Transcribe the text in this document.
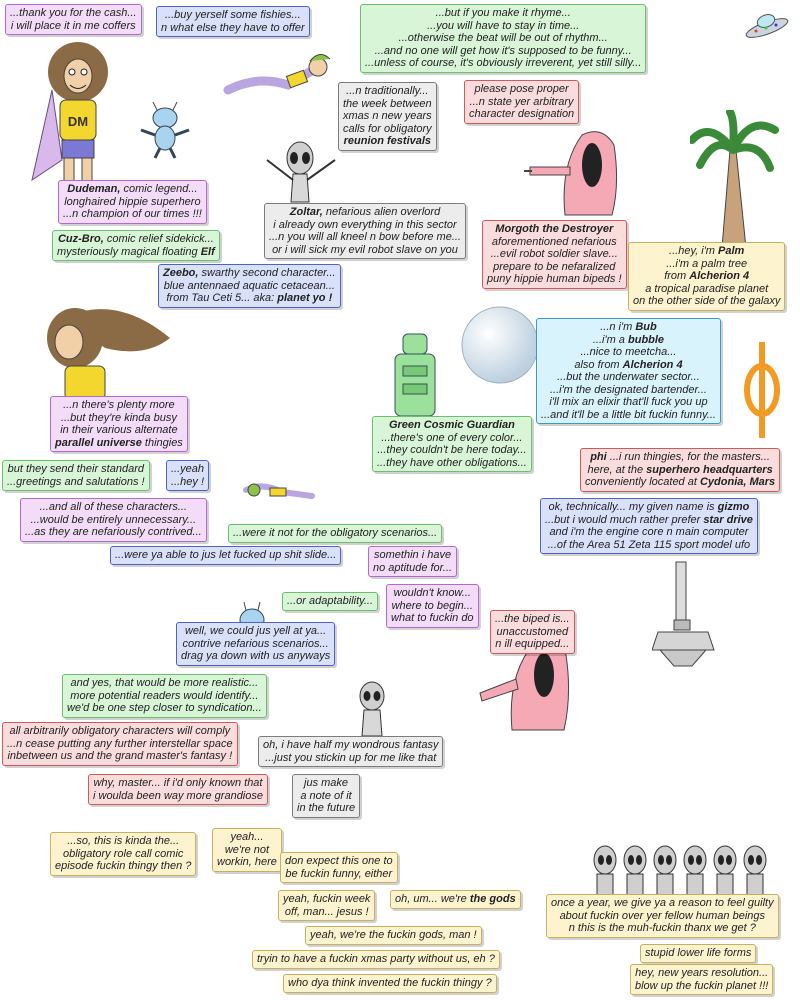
DM
...thank you for the cash...
i will place it in me coffers
...buy yerself some fishies...
n what else they have to offer
...but if you make it rhyme...
...you will have to stay in time...
...otherwise the beat will be out of rhythm...
...and no one will get how it's supposed to be funny...
...unless of course, it's obviously irreverent, yet still silly...
...n traditionally...
the week between
xmas n new years
calls for obligatory
reunion festivals
please pose proper
...n state yer arbitrary
character designation
Dudeman, comic legend...
longhaired hippie superhero
...n champion of our times !!!	Zoltar, nefarious alien overlord
i already own everything in this sector
...n you will all kneel n bow before me...
or i will sick my evil robot slave on you
Morgoth the Destroyer
aforementioned nefarious
...evil robot soldier slave...
prepare to be nefaralized
puny hippie human bipeds !
Cuz-Bro, comic relief sidekick...
mysteriously magical floating Elf
Zeebo, swarthy second character...
blue antennaed aquatic cetacean...
from Tau Ceti 5... aka: planet yo !
...hey, i'm Palm
...i'm a palm tree
from Alcherion 4
a tropical paradise planet
on the other side of the galaxy
...n i'm Bub
...i'm a bubble
...nice to meetcha...
also from Alcherion 4
...but the underwater sector...
...i'm the designated bartender...
i'll mix an elixir that'll fuck you up
...and it'll be a little bit fuckin funny...
...n there's plenty more
...but they're kinda busy
in their various alternate
parallel universe thingies
Green Cosmic Guardian
...there's one of every color...
...they couldn't be here today...
...they have other obligations...	phi ...i run thingies, for the masters...
here, at the superhero headquarters
conveniently located at Cydonia, Mars
but they send their standard
...greetings and salutations !
...yeah
...hey !
ok, technically... my given name is gizmo
...but i would much rather prefer star drive
and i'm the engine core n main computer
...of the Area 51 Zeta 115 sport model ufo
...and all of these characters...
...would be entirely unnecessary...
...as they are nefariously contrived...	...were it not for the obligatory scenarios...
...were ya able to jus let fucked up shit slide...	somethin i have
no aptitude for...
wouldn't know...
where to begin...
what to fuckin do
...or adaptability...
...the biped is...
unaccustomed
n ill equipped...
well, we could jus yell at ya...
contrive nefarious scenarios...
drag ya down with us anyways
and yes, that would be more realistic...
more potential readers would identify...
we'd be one step closer to syndication...
all arbitrarily obligatory characters will comply
...n cease putting any further interstellar space
inbetween us and the grand master's fantasy !
oh, i have half my wondrous fantasy
...just you stickin up for me like that
why, master... if i'd only known that
i woulda been way more grandiose
jus make
a note of it
in the future
...so, this is kinda the...
obligatory role call comic
episode fuckin thingy then ?
yeah...
we're not
workin, here don expect this one to
be fuckin funny, either
yeah, fuckin week
off, man... jesus !
oh, um... we're the gods
yeah, we're the fuckin gods, man !
tryin to have a fuckin xmas party without us, eh ?
who dya think invented the fuckin thingy ?
once a year, we give ya a reason to feel guilty
about fuckin over yer fellow human beings
n this is the muh-fuckin thanx we get ?
stupid lower life forms
hey, new years resolution...
blow up the fuckin planet !!!
